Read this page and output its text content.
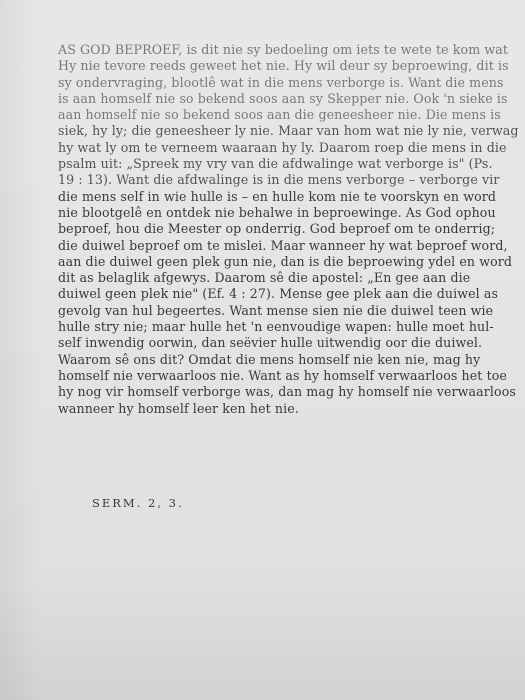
AS GOD BEPROEF, is dit nie sy bedoeling om iets te wete te kom wat
Hy nie tevore reeds geweet het nie. Hy wil deur sy beproewing, dit is
sy ondervraging, blootlê wat in die mens verborge is. Want die mens
is aan homself nie so bekend soos aan sy Skepper nie. Ook 'n sieke is
aan homself nie so bekend soos aan die geneesheer nie. Die mens is
siek, hy ly; die geneesheer ly nie. Maar van hom wat nie ly nie, verwag
hy wat ly om te verneem waaraan hy ly. Daarom roep die mens in die
psalm uit: „Spreek my vry van die afdwalinge wat verborge is" (Ps.
19 : 13). Want die afdwalinge is in die mens verborge – verborge vir
die mens self in wie hulle is – en hulle kom nie te voorskyn en word
nie blootgelê en ontdek nie behalwe in beproewinge. As God ophou
beproef, hou die Meester op onderrig. God beproef om te onderrig;
die duiwel beproef om te mislei. Maar wanneer hy wat beproef word,
aan die duiwel geen plek gun nie, dan is die beproewing ydel en word
dit as belaglik afgewys. Daarom sê die apostel: „En gee aan die
duiwel geen plek nie" (Ef. 4 : 27). Mense gee plek aan die duiwel as
gevolg van hul begeertes. Want mense sien nie die duiwel teen wie
hulle stry nie; maar hulle het 'n eenvoudige wapen: hulle moet hul-
self inwendig oorwin, dan seëvier hulle uitwendig oor die duiwel.
Waarom sê ons dit? Omdat die mens homself nie ken nie, mag hy
homself nie verwaarloos nie. Want as hy homself verwaarloos het toe
hy nog vir homself verborge was, dan mag hy homself nie verwaarloos
wanneer hy homself leer ken het nie.
SERM. 2, 3.
